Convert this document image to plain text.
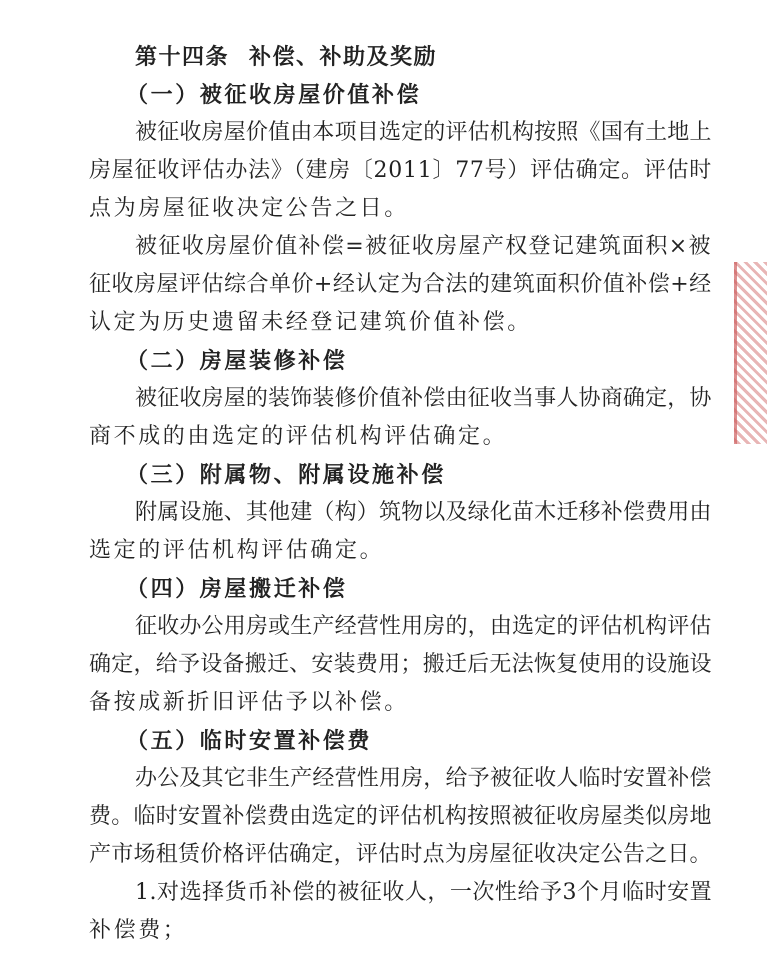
第十四条 补偿、补助及奖励
（一）被征收房屋价值补偿
被征收房屋价值由本项目选定的评估机构按照《国有土地上
房屋征收评估办法》（建房〔2011〕77号）评估确定。评估时
点为房屋征收决定公告之日。
被征收房屋价值补偿=被征收房屋产权登记建筑面积×被
征收房屋评估综合单价+经认定为合法的建筑面积价值补偿+经
认定为历史遗留未经登记建筑价值补偿。
（二）房屋装修补偿
被征收房屋的装饰装修价值补偿由征收当事人协商确定，协
商不成的由选定的评估机构评估确定。
（三）附属物、附属设施补偿
附属设施、其他建（构）筑物以及绿化苗木迁移补偿费用由
选定的评估机构评估确定。
（四）房屋搬迁补偿
征收办公用房或生产经营性用房的，由选定的评估机构评估
确定，给予设备搬迁、安装费用；搬迁后无法恢复使用的设施设
备按成新折旧评估予以补偿。
（五）临时安置补偿费
办公及其它非生产经营性用房，给予被征收人临时安置补偿
费。临时安置补偿费由选定的评估机构按照被征收房屋类似房地
产市场租赁价格评估确定，评估时点为房屋征收决定公告之日。
1.对选择货币补偿的被征收人，一次性给予3个月临时安置
补偿费；
